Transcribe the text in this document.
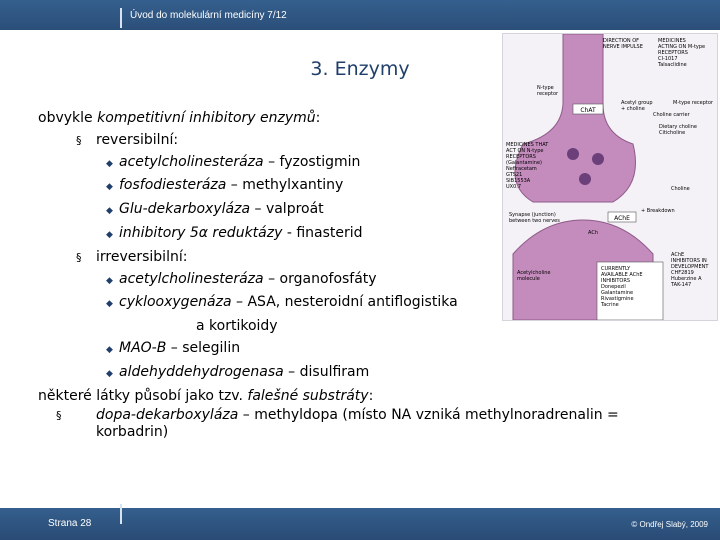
Úvod do molekulární medicíny 7/12
3. Enzymy
obvykle kompetitivní inhibitory enzymů:
§ reversibilní:
◆ acetylcholinesteráza – fyzostigmin
◆ fosfodiesteráza – methylxantiny
◆ Glu-dekarboxyláza – valproát
◆ inhibitory 5α reduktázy - finasterid
§ irreversibilní:
◆ acetylcholinesteráza – organofosfáty
◆ cyklooxygenáza – ASA, nesteroidní antiflogistika
a kortikoidy
◆ MAO-B – selegilin
◆ aldehyddehydrogenasa – disulfiram
některé látky působí jako tzv. falešné substráty:
§ dopa-dekarboxyláza – methyldopa (místo NA vzniká methylnoradrenalin = korbadrin)
ChAT
AChE
ACh
DIRECTION OF NERVE IMPULSE
MEDICINES ACTING ON M-type RECEPTORS CI-1017 Talsaclidine
N-type receptor
Acetyl group + choline
M-type receptor
Choline carrier
Dietary choline Citicholine
MEDICINES THAT ACT ON N-type RECEPTORS (Galantamine) Nefiracetam GTS21 SIB1553A UX0.7	Choline
Synapse (junction) between two nerves
+ Breakdown
AChE INHIBITORS IN DEVELOPMENT CHF2819 Huberzine A TAK-147
Acetylcholine molecule
CURRENTLY AVAILABLE AChE INHIBITORS Donepezil Galantamine Rivastigmine Tacrine
Strana 28	© Ondřej Slabý, 2009
